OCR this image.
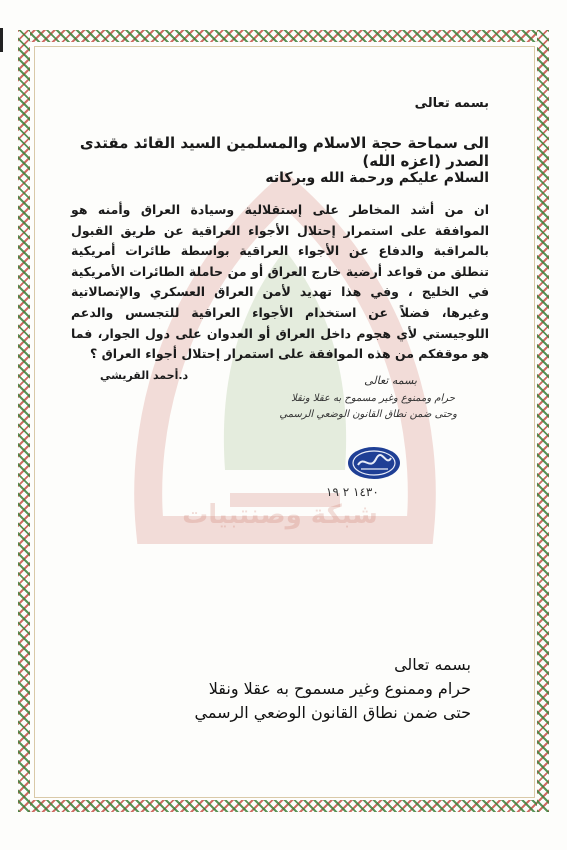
شبكة وصنتبيات
بسمه تعالى
الى سماحة حجة الاسلام والمسلمين السيد القائد مقتدى الصدر (اعزه الله)
السلام عليكم ورحمة الله وبركاته
ان من أشد المخاطر على إستقلالية وسيادة العراق وأمنه هو الموافقة على استمرار إحتلال الأجواء العراقية عن طريق القبول بالمراقبة والدفاع عن الأجواء العراقية بواسطة طائرات أمريكية تنطلق من قواعد أرضية خارج العراق أو من حاملة الطائرات الأمريكية في الخليج ، وفي هذا تهديد لأمن العراق العسكري والإتصالاتية وغيرها، فضلاً عن استخدام الأجواء العراقية للتجسس والدعم اللوجيستي لأي هجوم داخل العراق أو العدوان على دول الجوار، فما هو موقفكم من هذه الموافقة على استمرار إحتلال أجواء العراق ؟
د.أحمد القريشي	بسمه تعالى
حرام وممنوع وغير مسموح به عقلا ونقلا
وحتى ضمن نطاق القانون الوضعي الرسمي
١٤٣٠ ٢ ١٩
بسمه تعالى
حرام وممنوع وغير مسموح به عقلا ونقلا
حتى ضمن نطاق القانون الوضعي الرسمي
